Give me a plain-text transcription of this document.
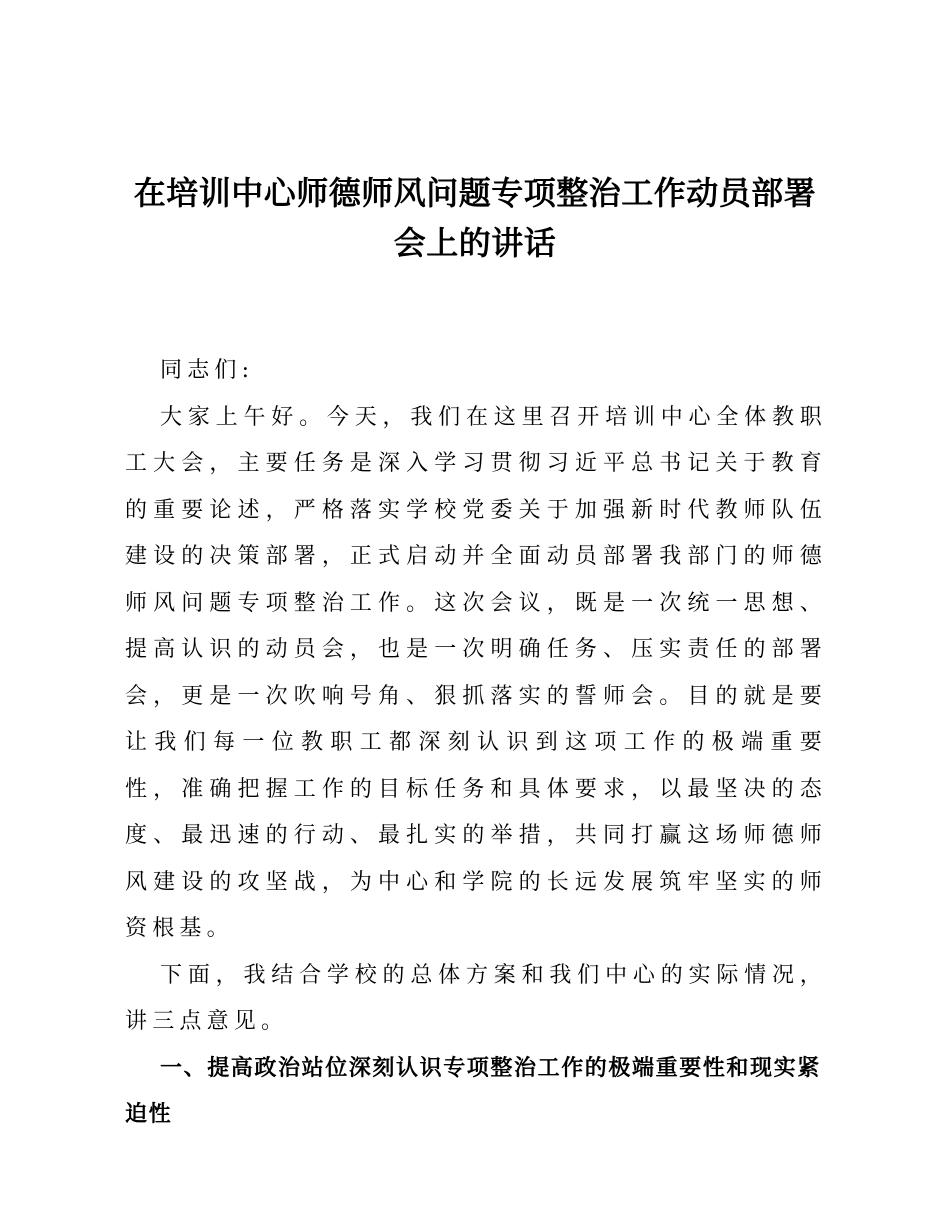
在培训中心师德师风问题专项整治工作动员部署会上的讲话

同志们:

大家上午好。今天，我们在这里召开培训中心全体教职工大会，主要任务是深入学习贯彻习近平总书记关于教育的重要论述，严格落实学校党委关于加强新时代教师队伍建设的决策部署，正式启动并全面动员部署我部门的师德师风问题专项整治工作。这次会议，既是一次统一思想、提高认识的动员会，也是一次明确任务、压实责任的部署会，更是一次吹响号角、狠抓落实的誓师会。目的就是要让我们每一位教职工都深刻认识到这项工作的极端重要性，准确把握工作的目标任务和具体要求，以最坚决的态度、最迅速的行动、最扎实的举措，共同打赢这场师德师风建设的攻坚战，为中心和学院的长远发展筑牢坚实的师资根基。

下面，我结合学校的总体方案和我们中心的实际情况，讲三点意见。

一、提高政治站位深刻认识专项整治工作的极端重要性和现实紧迫性
